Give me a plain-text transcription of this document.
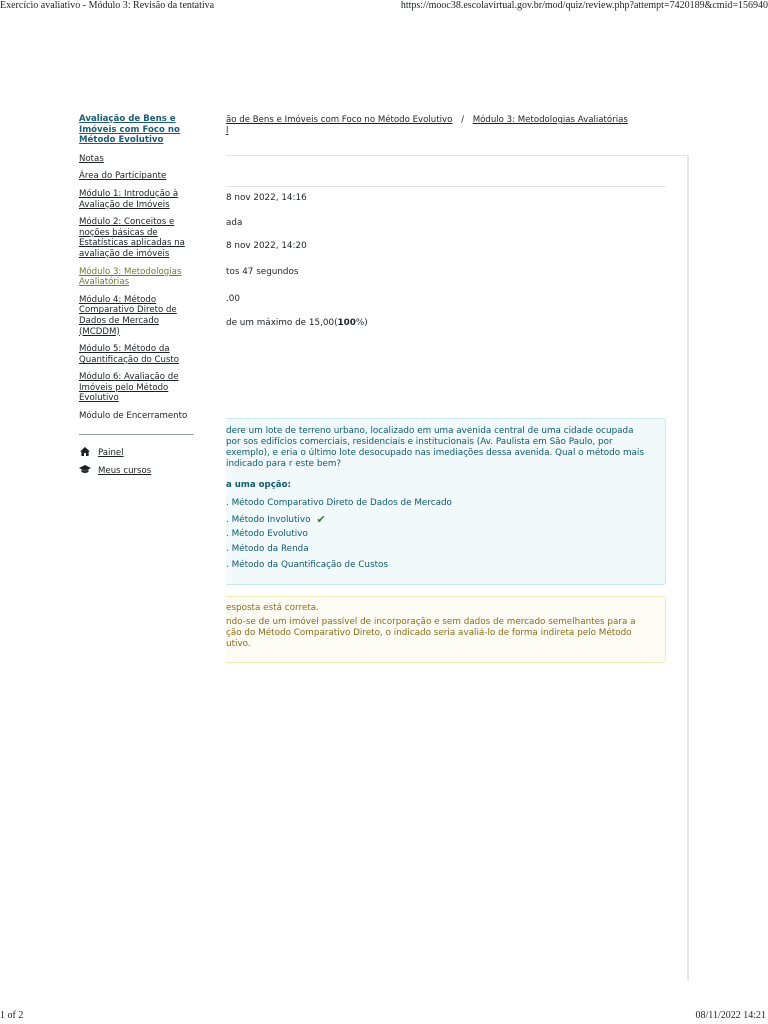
Exercício avaliativo - Módulo 3: Revisão da tentativa	https://mooc38.escolavirtual.gov.br/mod/quiz/review.php?attempt=7420189&cmid=156940
Avaliação de Bens e Imóveis com Foco no Método Evolutivo
Notas
Área do Participante
Módulo 1: Introdução à Avaliação de Imóveis
Módulo 2: Conceitos e noções básicas de Estatísticas aplicadas na avaliação de imóveis
Módulo 3: Metodologias Avaliatórias
Módulo 4: Método Comparativo Direto de Dados de Mercado (MCDDM)
Módulo 5: Método da Quantificação do Custo
Módulo 6: Avaliação de Imóveis pelo Método Evolutivo
Módulo de Encerramento
Painel
Meus cursos
ão de Bens e Imóveis com Foco no Método Evolutivo / Módulo 3: Metodologias Avaliatórias
l
8 nov 2022, 14:16
ada
8 nov 2022, 14:20
tos 47 segundos
.00
de um máximo de 15,00(100%)
dere um lote de terreno urbano, localizado em uma avenida central de uma cidade ocupada por sos edifícios comerciais, residenciais e institucionais (Av. Paulista em São Paulo, por exemplo), e eria o último lote desocupado nas imediações dessa avenida. Qual o método mais indicado para r este bem?
a uma opção:
. Método Comparativo Direto de Dados de Mercado
. Método Involutivo ✔
. Método Evolutivo
. Método da Renda
. Método da Quantificação de Custos
esposta está correta.
ndo-se de um imóvel passível de incorporação e sem dados de mercado semelhantes para a ção do Método Comparativo Direto, o indicado seria avaliá-lo de forma indireta pelo Método utivo.
1 of 2	08/11/2022 14:21
